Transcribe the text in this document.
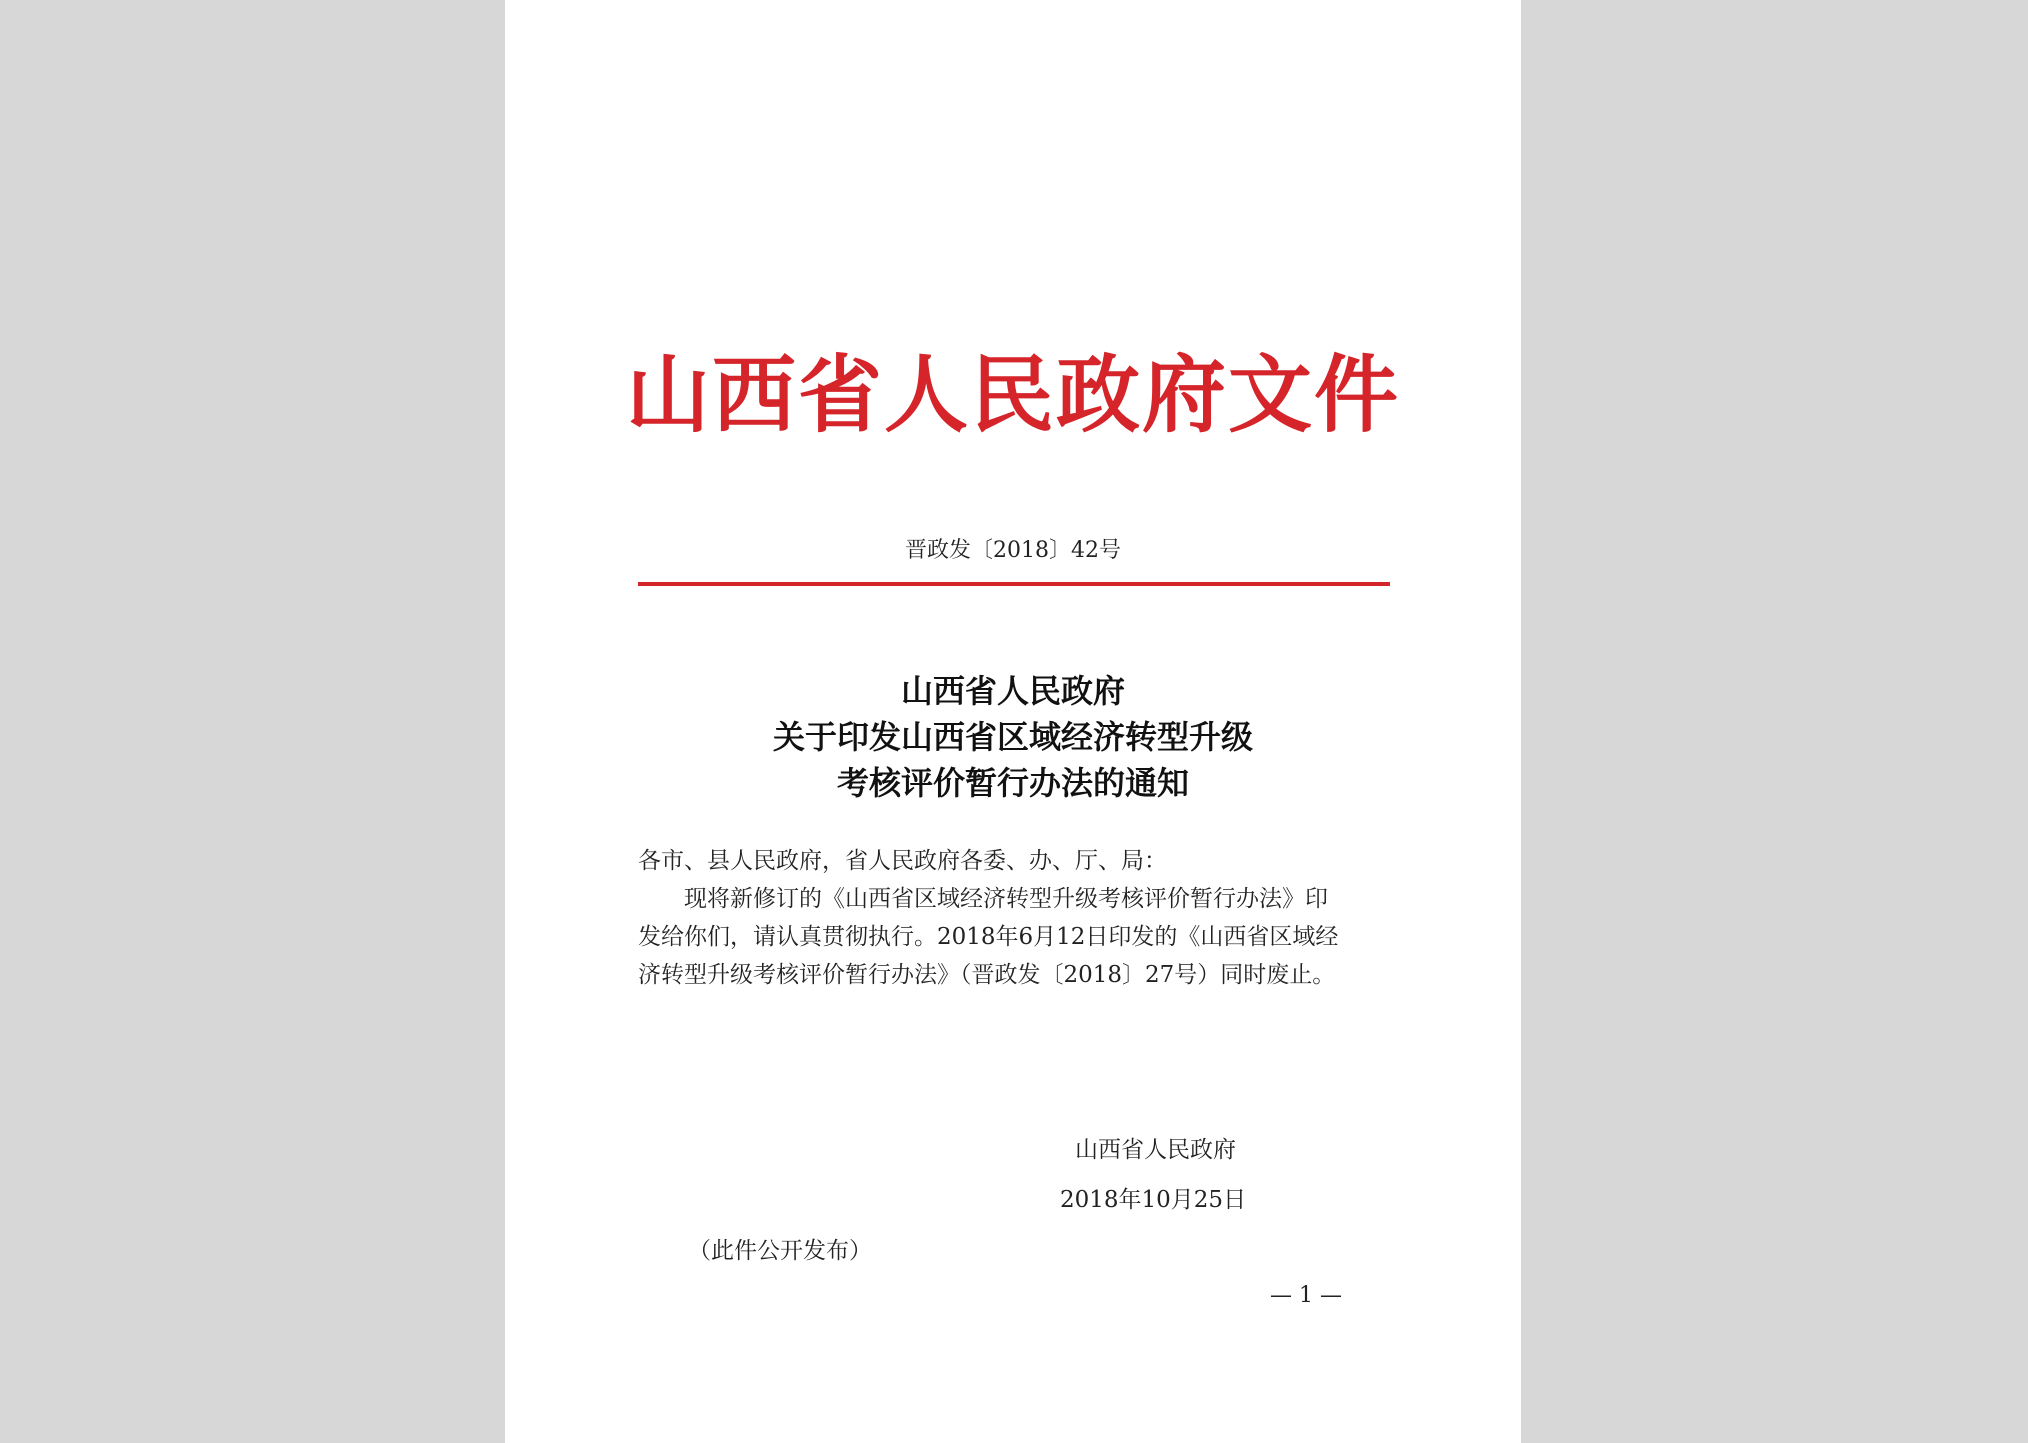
山西省人民政府文件
晋政发〔2018〕42号
山西省人民政府
关于印发山西省区域经济转型升级
考核评价暂行办法的通知
各市、县人民政府，省人民政府各委、办、厅、局：
现将新修订的《山西省区域经济转型升级考核评价暂行办法》印
发给你们，请认真贯彻执行。2018年6月12日印发的《山西省区域经
济转型升级考核评价暂行办法》（晋政发〔2018〕27号）同时废止。
山西省人民政府
2018年10月25日
（此件公开发布）
— 1 —
